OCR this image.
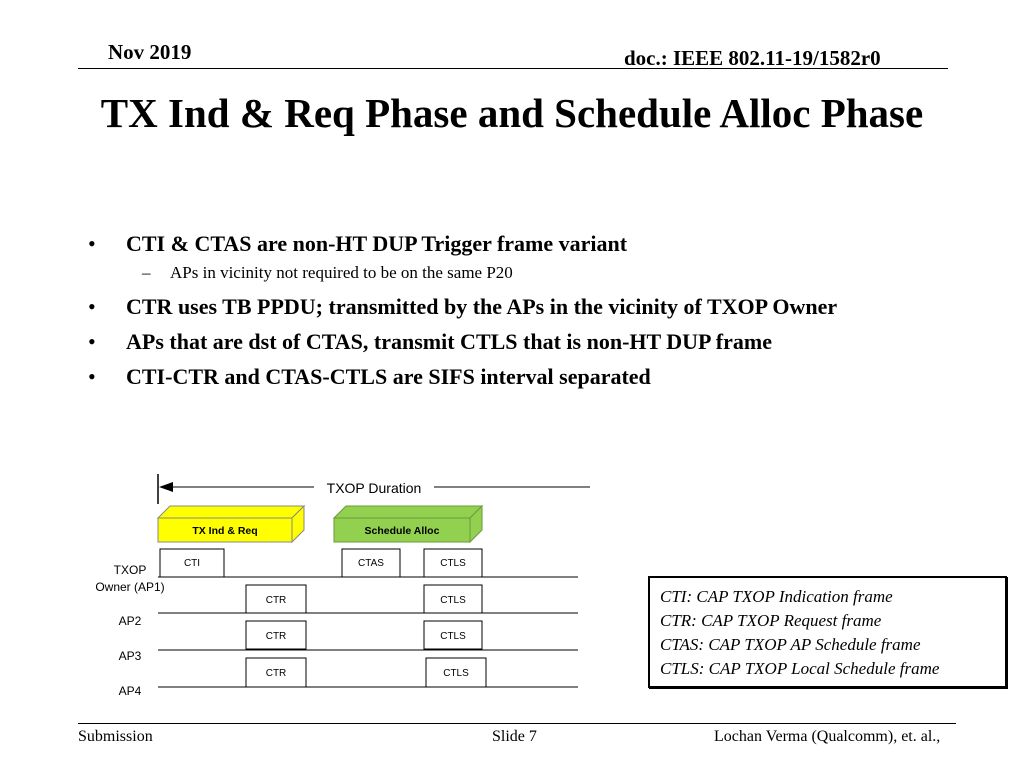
Nov 2019	doc.: IEEE 802.11-19/1582r0
TX Ind & Req Phase and Schedule Alloc Phase
• CTI & CTAS are non-HT DUP Trigger frame variant
– APs in vicinity not required to be on the same P20
• CTR uses TB PPDU; transmitted by the APs in the vicinity of TXOP Owner
• APs that are dst of CTAS, transmit CTLS that is non-HT DUP frame
• CTI-CTR and CTAS-CTLS are SIFS interval separated
TXOP Duration
TX Ind & Req	Schedule Alloc
TXOP
Owner (AP1)
CTI	CTAS	CTLS
CTR	CTLS
AP2
CTR	CTLS
AP3
CTR	CTLS
AP4
CTI: CAP TXOP Indication frame
CTR: CAP TXOP Request frame
CTAS: CAP TXOP AP Schedule frame
CTLS: CAP TXOP Local Schedule frame
Submission	Slide 7	Lochan Verma (Qualcomm), et. al.,
